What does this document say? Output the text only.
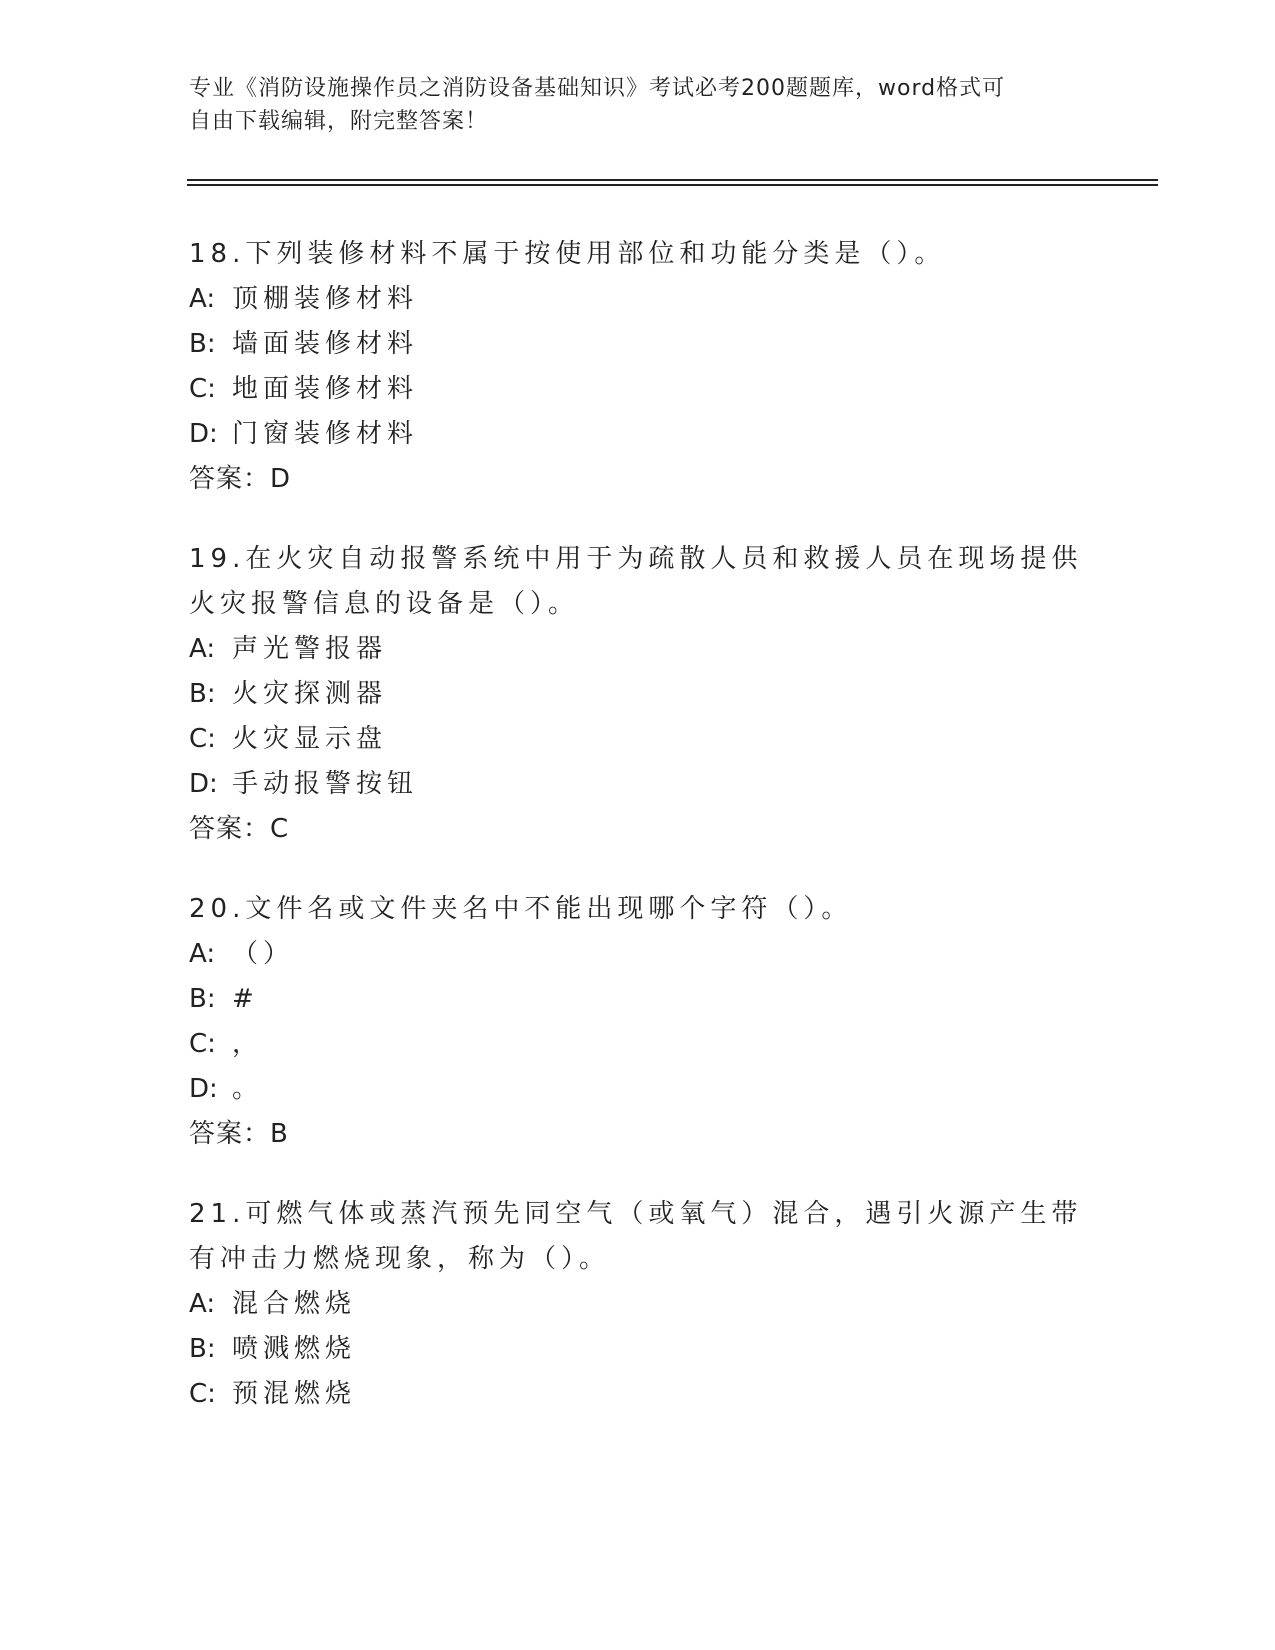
专业《消防设施操作员之消防设备基础知识》考试必考200题题库，word格式可
自由下载编辑，附完整答案！
18.下列装修材料不属于按使用部位和功能分类是（）。
A: 顶棚装修材料
B: 墙面装修材料
C: 地面装修材料
D: 门窗装修材料
答案：D
19.在火灾自动报警系统中用于为疏散人员和救援人员在现场提供火灾报警信息的设备是（）。
A: 声光警报器
B: 火灾探测器
C: 火灾显示盘
D: 手动报警按钮
答案：C
20.文件名或文件夹名中不能出现哪个字符（）。
A: （）
B: #
C: ，
D: 。
答案：B
21.可燃气体或蒸汽预先同空气（或氧气）混合，遇引火源产生带有冲击力燃烧现象，称为（）。
A: 混合燃烧
B: 喷溅燃烧
C: 预混燃烧
